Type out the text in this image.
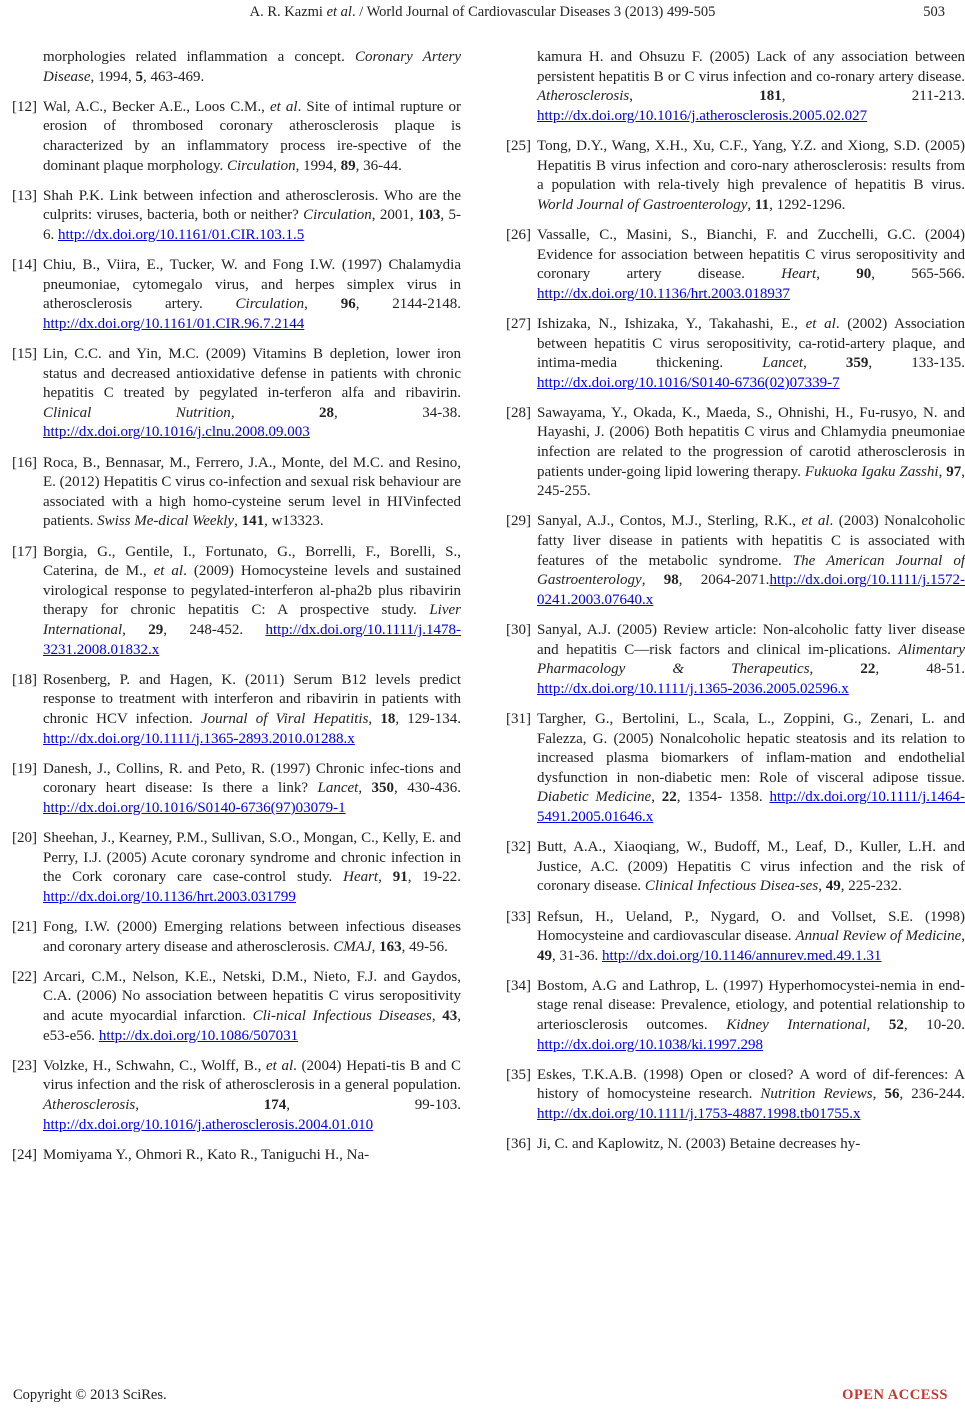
A. R. Kazmi et al. / World Journal of Cardiovascular Diseases 3 (2013) 499-505	503
morphologies related inflammation a concept. Coronary Artery Disease, 1994, 5, 463-469.
[12] Wal, A.C., Becker A.E., Loos C.M., et al. Site of intimal rupture or erosion of thrombosed coronary atherosclerosis plaque is characterized by an inflammatory process ire-spective of the dominant plaque morphology. Circulation, 1994, 89, 36-44.
[13] Shah P.K. Link between infection and atherosclerosis. Who are the culprits: viruses, bacteria, both or neither? Circulation, 2001, 103, 5-6. http://dx.doi.org/10.1161/01.CIR.103.1.5
[14] Chiu, B., Viira, E., Tucker, W. and Fong I.W. (1997) Chalamydia pneumoniae, cytomegalo virus, and herpes simplex virus in atherosclerosis artery. Circulation, 96, 2144-2148. http://dx.doi.org/10.1161/01.CIR.96.7.2144
[15] Lin, C.C. and Yin, M.C. (2009) Vitamins B depletion, lower iron status and decreased antioxidative defense in patients with chronic hepatitis C treated by pegylated in-terferon alfa and ribavirin. Clinical Nutrition, 28, 34-38. http://dx.doi.org/10.1016/j.clnu.2008.09.003
[16] Roca, B., Bennasar, M., Ferrero, J.A., Monte, del M.C. and Resino, E. (2012) Hepatitis C virus co-infection and sexual risk behaviour are associated with a high homo-cysteine serum level in HIVinfected patients. Swiss Me-dical Weekly, 141, w13323.
[17] Borgia, G., Gentile, I., Fortunato, G., Borrelli, F., Borelli, S., Caterina, de M., et al. (2009) Homocysteine levels and sustained virological response to pegylated-interferon al-pha2b plus ribavirin therapy for chronic hepatitis C: A prospective study. Liver International, 29, 248-452. http://dx.doi.org/10.1111/j.1478-3231.2008.01832.x
[18] Rosenberg, P. and Hagen, K. (2011) Serum B12 levels predict response to treatment with interferon and ribavirin in patients with chronic HCV infection. Journal of Viral Hepatitis, 18, 129-134. http://dx.doi.org/10.1111/j.1365-2893.2010.01288.x
[19] Danesh, J., Collins, R. and Peto, R. (1997) Chronic infec-tions and coronary heart disease: Is there a link? Lancet, 350, 430-436. http://dx.doi.org/10.1016/S0140-6736(97)03079-1
[20] Sheehan, J., Kearney, P.M., Sullivan, S.O., Mongan, C., Kelly, E. and Perry, I.J. (2005) Acute coronary syndrome and chronic infection in the Cork coronary care case-control study. Heart, 91, 19-22. http://dx.doi.org/10.1136/hrt.2003.031799
[21] Fong, I.W. (2000) Emerging relations between infectious diseases and coronary artery disease and atherosclerosis. CMAJ, 163, 49-56.
[22] Arcari, C.M., Nelson, K.E., Netski, D.M., Nieto, F.J. and Gaydos, C.A. (2006) No association between hepatitis C virus seropositivity and acute myocardial infarction. Cli-nical Infectious Diseases, 43, e53-e56. http://dx.doi.org/10.1086/507031
[23] Volzke, H., Schwahn, C., Wolff, B., et al. (2004) Hepati-tis B and C virus infection and the risk of atherosclerosis in a general population. Atherosclerosis, 174, 99-103. http://dx.doi.org/10.1016/j.atherosclerosis.2004.01.010
[24] Momiyama Y., Ohmori R., Kato R., Taniguchi H., Na-
kamura H. and Ohsuzu F. (2005) Lack of any association between persistent hepatitis B or C virus infection and co-ronary artery disease. Atherosclerosis, 181, 211-213. http://dx.doi.org/10.1016/j.atherosclerosis.2005.02.027
[25] Tong, D.Y., Wang, X.H., Xu, C.F., Yang, Y.Z. and Xiong, S.D. (2005) Hepatitis B virus infection and coro-nary atherosclerosis: results from a population with rela-tively high prevalence of hepatitis B virus. World Journal of Gastroenterology, 11, 1292-1296.
[26] Vassalle, C., Masini, S., Bianchi, F. and Zucchelli, G.C. (2004) Evidence for association between hepatitis C virus seropositivity and coronary artery disease. Heart, 90, 565-566. http://dx.doi.org/10.1136/hrt.2003.018937
[27] Ishizaka, N., Ishizaka, Y., Takahashi, E., et al. (2002) Association between hepatitis C virus seropositivity, ca-rotid-artery plaque, and intima-media thickening. Lancet, 359, 133-135. http://dx.doi.org/10.1016/S0140-6736(02)07339-7
[28] Sawayama, Y., Okada, K., Maeda, S., Ohnishi, H., Fu-rusyo, N. and Hayashi, J. (2006) Both hepatitis C virus and Chlamydia pneumoniae infection are related to the progression of carotid atherosclerosis in patients under-going lipid lowering therapy. Fukuoka Igaku Zasshi, 97, 245-255.
[29] Sanyal, A.J., Contos, M.J., Sterling, R.K., et al. (2003) Nonalcoholic fatty liver disease in patients with hepatitis C is associated with features of the metabolic syndrome. The American Journal of Gastroenterology, 98, 2064-2071.http://dx.doi.org/10.1111/j.1572-0241.2003.07640.x
[30] Sanyal, A.J. (2005) Review article: Non-alcoholic fatty liver disease and hepatitis C—risk factors and clinical im-plications. Alimentary Pharmacology & Therapeutics, 22, 48-51. http://dx.doi.org/10.1111/j.1365-2036.2005.02596.x
[31] Targher, G., Bertolini, L., Scala, L., Zoppini, G., Zenari, L. and Falezza, G. (2005) Nonalcoholic hepatic steatosis and its relation to increased plasma biomarkers of inflam-mation and endothelial dysfunction in non-diabetic men: Role of visceral adipose tissue. Diabetic Medicine, 22, 1354- 1358. http://dx.doi.org/10.1111/j.1464-5491.2005.01646.x
[32] Butt, A.A., Xiaoqiang, W., Budoff, M., Leaf, D., Kuller, L.H. and Justice, A.C. (2009) Hepatitis C virus infection and the risk of coronary disease. Clinical Infectious Disea-ses, 49, 225-232.
[33] Refsun, H., Ueland, P., Nygard, O. and Vollset, S.E. (1998) Homocysteine and cardiovascular disease. Annual Review of Medicine, 49, 31-36. http://dx.doi.org/10.1146/annurev.med.49.1.31
[34] Bostom, A.G and Lathrop, L. (1997) Hyperhomocystei-nemia in end-stage renal disease: Prevalence, etiology, and potential relationship to arteriosclerosis outcomes. Kidney International, 52, 10-20. http://dx.doi.org/10.1038/ki.1997.298
[35] Eskes, T.K.A.B. (1998) Open or closed? A word of dif-ferences: A history of homocysteine research. Nutrition Reviews, 56, 236-244. http://dx.doi.org/10.1111/j.1753-4887.1998.tb01755.x
[36] Ji, C. and Kaplowitz, N. (2003) Betaine decreases hy-
Copyright © 2013 SciRes.	OPEN ACCESS
